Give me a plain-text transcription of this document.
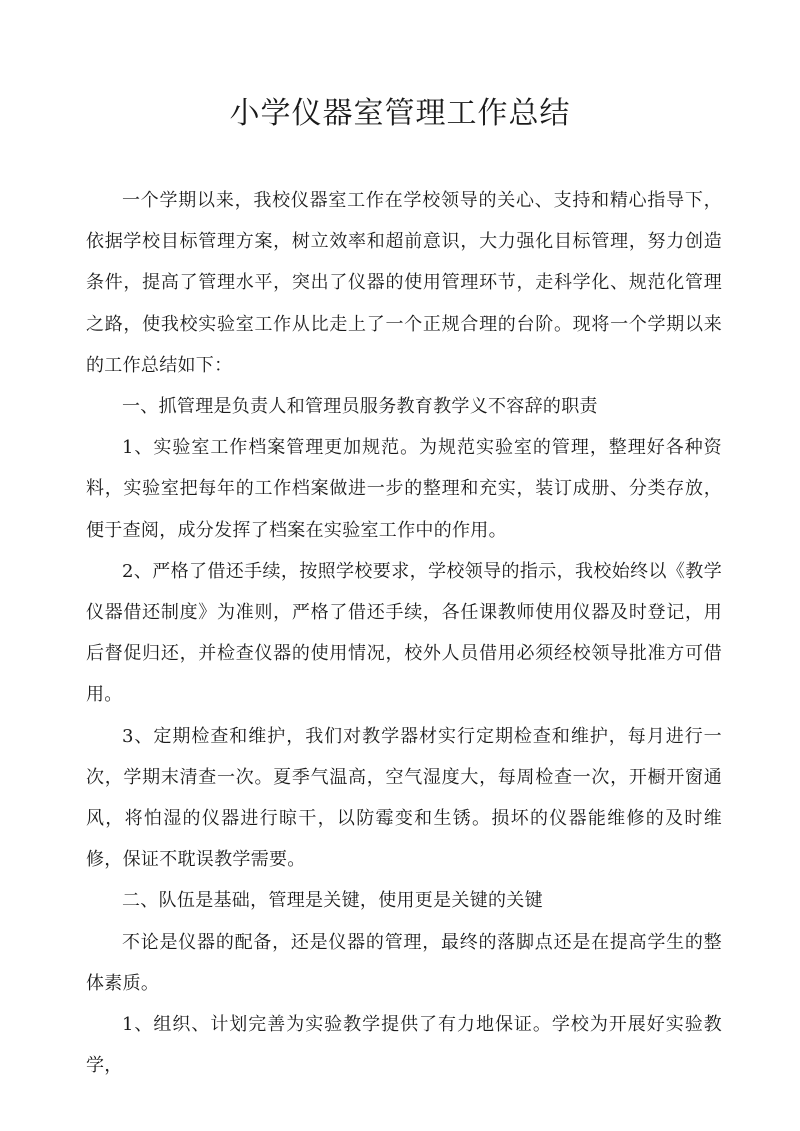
小学仪器室管理工作总结

一个学期以来，我校仪器室工作在学校领导的关心、支持和精心指导下，依据学校目标管理方案，树立效率和超前意识，大力强化目标管理，努力创造条件，提高了管理水平，突出了仪器的使用管理环节，走科学化、规范化管理之路，使我校实验室工作从比走上了一个正规合理的台阶。现将一个学期以来的工作总结如下：

一、抓管理是负责人和管理员服务教育教学义不容辞的职责

1、实验室工作档案管理更加规范。为规范实验室的管理，整理好各种资料，实验室把每年的工作档案做进一步的整理和充实，装订成册、分类存放，便于查阅，成分发挥了档案在实验室工作中的作用。

2、严格了借还手续，按照学校要求，学校领导的指示，我校始终以《教学仪器借还制度》为准则，严格了借还手续，各任课教师使用仪器及时登记，用后督促归还，并检查仪器的使用情况，校外人员借用必须经校领导批准方可借用。

3、定期检查和维护，我们对教学器材实行定期检查和维护，每月进行一次，学期末清查一次。夏季气温高，空气湿度大，每周检查一次，开橱开窗通风，将怕湿的仪器进行晾干，以防霉变和生锈。损坏的仪器能维修的及时维修，保证不耽误教学需要。

二、队伍是基础，管理是关键，使用更是关键的关键

不论是仪器的配备，还是仪器的管理，最终的落脚点还是在提高学生的整体素质。

1、组织、计划完善为实验教学提供了有力地保证。学校为开展好实验教学，
